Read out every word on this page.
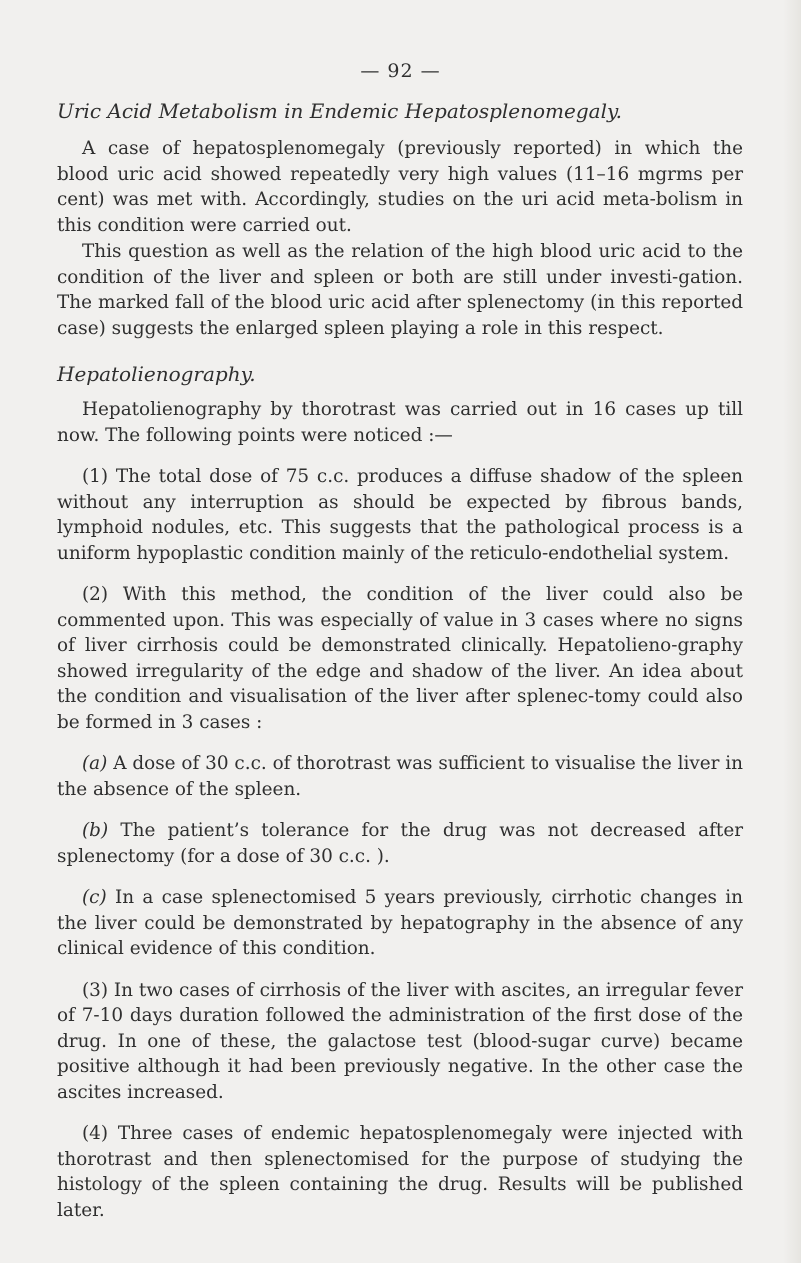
— 92 —
Uric Acid Metabolism in Endemic Hepatosplenomegaly.

A case of hepatosplenomegaly (previously reported) in which the blood uric acid showed repeatedly very high values (11–16 mgrms per cent) was met with. Accordingly, studies on the uri acid meta-bolism in this condition were carried out.

This question as well as the relation of the high blood uric acid to the condition of the liver and spleen or both are still under investi-gation. The marked fall of the blood uric acid after splenectomy (in this reported case) suggests the enlarged spleen playing a role in this respect.

Hepatolienography.

Hepatolienography by thorotrast was carried out in 16 cases up till now. The following points were noticed :—

(1) The total dose of 75 c.c. produces a diffuse shadow of the spleen without any interruption as should be expected by fibrous bands, lymphoid nodules, etc. This suggests that the pathological process is a uniform hypoplastic condition mainly of the reticulo-endothelial system.

(2) With this method, the condition of the liver could also be commented upon. This was especially of value in 3 cases where no signs of liver cirrhosis could be demonstrated clinically. Hepatolieno-graphy showed irregularity of the edge and shadow of the liver. An idea about the condition and visualisation of the liver after splenec-tomy could also be formed in 3 cases :

(a) A dose of 30 c.c. of thorotrast was sufficient to visualise the liver in the absence of the spleen.

(b) The patient’s tolerance for the drug was not decreased after splenectomy (for a dose of 30 c.c. ).

(c) In a case splenectomised 5 years previously, cirrhotic changes in the liver could be demonstrated by hepatography in the absence of any clinical evidence of this condition.

(3) In two cases of cirrhosis of the liver with ascites, an irregular fever of 7-10 days duration followed the administration of the first dose of the drug. In one of these, the galactose test (blood-sugar curve) became positive although it had been previously negative. In the other case the ascites increased.

(4) Three cases of endemic hepatosplenomegaly were injected with thorotrast and then splenectomised for the purpose of studying the histology of the spleen containing the drug. Results will be published later.
